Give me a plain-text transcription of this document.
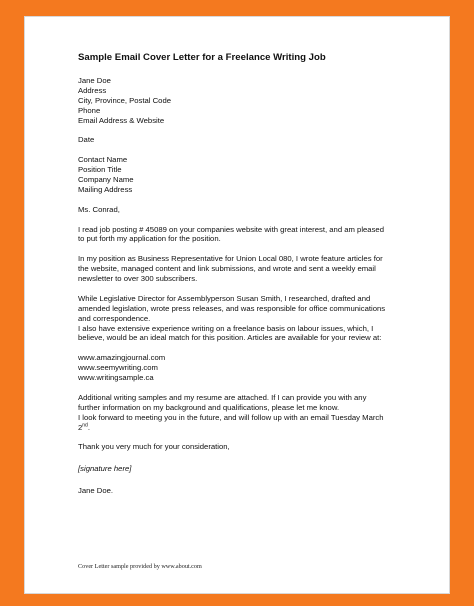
Sample Email Cover Letter for a Freelance Writing Job
Jane Doe
Address
City, Province, Postal Code
Phone
Email Address & Website
Date
Contact Name
Position Title
Company Name
Mailing Address
Ms. Conrad,
I read job posting # 45089 on your companies website with great interest, and am pleased
to put forth my application for the position.
In my position as Business Representative for Union Local 080, I wrote feature articles for
the website, managed content and link submissions, and wrote and sent a weekly email
newsletter to over 300 subscribers.
While Legislative Director for Assemblyperson Susan Smith, I researched, drafted and
amended legislation, wrote press releases, and was responsible for office communications
and correspondence.
I also have extensive experience writing on a freelance basis on labour issues, which, I
believe, would be an ideal match for this position. Articles are available for your review at:
www.amazingjournal.com
www.seemywriting.com
www.writingsample.ca
Additional writing samples and my resume are attached. If I can provide you with any
further information on my background and qualifications, please let me know.
I look forward to meeting you in the future, and will follow up with an email Tuesday March
2nd.
Thank you very much for your consideration,
[signature here]
Jane Doe.
Cover Letter sample provided by www.about.com
